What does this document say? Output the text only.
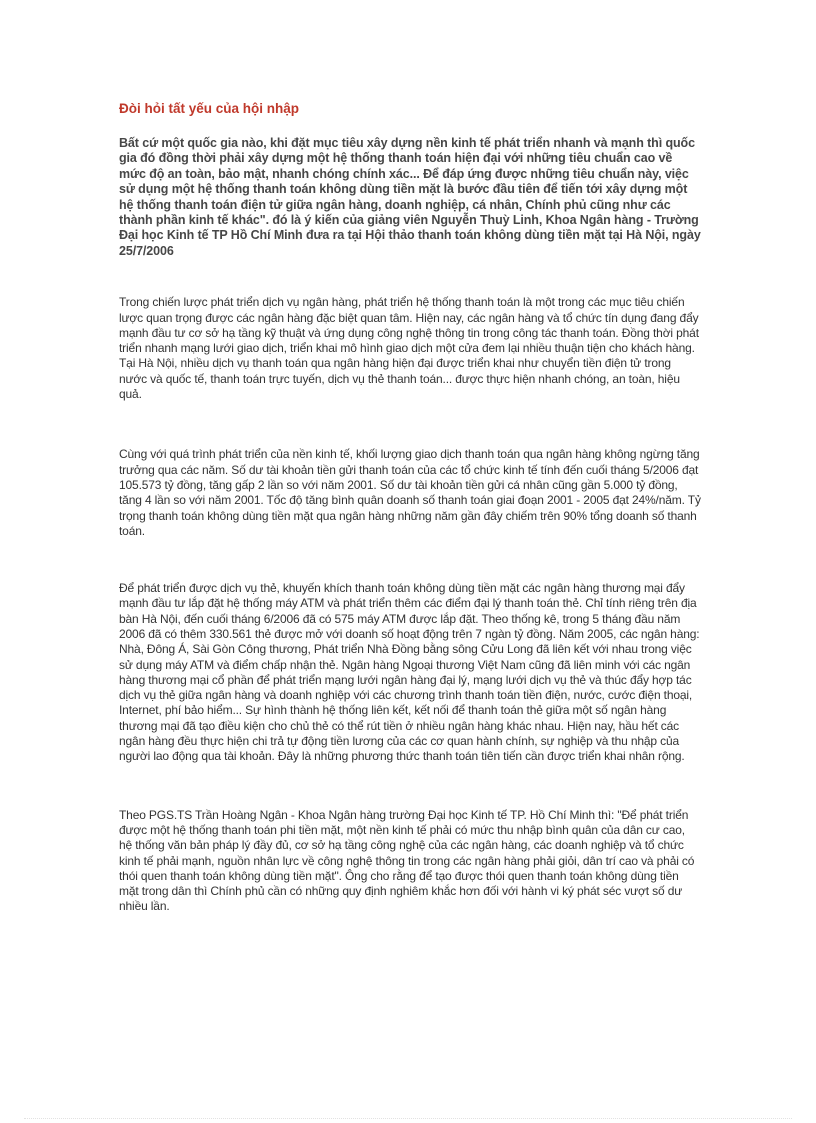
Đòi hỏi tất yếu của hội nhập

Bất cứ một quốc gia nào, khi đặt mục tiêu xây dựng nền kinh tế phát triển nhanh và mạnh thì quốc gia đó đồng thời phải xây dựng một hệ thống thanh toán hiện đại với những tiêu chuẩn cao về mức độ an toàn, bảo mật, nhanh chóng chính xác... Để đáp ứng được những tiêu chuẩn này, việc sử dụng một hệ thống thanh toán không dùng tiền mặt là bước đầu tiên để tiến tới xây dựng một hệ thống thanh toán điện tử giữa ngân hàng, doanh nghiệp, cá nhân, Chính phủ cũng như các thành phần kinh tế khác". đó là ý kiến của giảng viên Nguyễn Thuỳ Linh, Khoa Ngân hàng - Trường Đại học Kinh tế TP Hồ Chí Minh đưa ra tại Hội thảo thanh toán không dùng tiền mặt tại Hà Nội, ngày 25/7/2006

Trong chiến lược phát triển dịch vụ ngân hàng, phát triển hệ thống thanh toán là một trong các mục tiêu chiến lược quan trọng được các ngân hàng đặc biệt quan tâm. Hiện nay, các ngân hàng và tổ chức tín dụng đang đẩy mạnh đầu tư cơ sở hạ tầng kỹ thuật và ứng dụng công nghệ thông tin trong công tác thanh toán. Đồng thời phát triển nhanh mạng lưới giao dịch, triển khai mô hình giao dịch một cửa đem lại nhiều thuận tiện cho khách hàng. Tại Hà Nội, nhiều dịch vụ thanh toán qua ngân hàng hiện đại được triển khai như chuyển tiền điện tử trong nước và quốc tế, thanh toán trực tuyến, dịch vụ thẻ thanh toán... được thực hiện nhanh chóng, an toàn, hiệu quả.

Cùng với quá trình phát triển của nền kinh tế, khối lượng giao dịch thanh toán qua ngân hàng không ngừng tăng trưởng qua các năm. Số dư tài khoản tiền gửi thanh toán của các tổ chức kinh tế tính đến cuối tháng 5/2006 đạt 105.573 tỷ đồng, tăng gấp 2 lần so với năm 2001. Số dư tài khoản tiền gửi cá nhân cũng gần 5.000 tỷ đồng, tăng 4 lần so với năm 2001. Tốc độ tăng bình quân doanh số thanh toán giai đoạn 2001 - 2005 đạt 24%/năm. Tỷ trọng thanh toán không dùng tiền mặt qua ngân hàng những năm gần đây chiếm trên 90% tổng doanh số thanh toán.

Để phát triển được dịch vụ thẻ, khuyến khích thanh toán không dùng tiền mặt các ngân hàng thương mại đẩy mạnh đầu tư lắp đặt hệ thống máy ATM và phát triển thêm các điểm đại lý thanh toán thẻ. Chỉ tính riêng trên địa bàn Hà Nội, đến cuối tháng 6/2006 đã có 575 máy ATM được lắp đặt. Theo thống kê, trong 5 tháng đầu năm 2006 đã có thêm 330.561 thẻ được mở với doanh số hoạt động trên 7 ngàn tỷ đồng. Năm 2005, các ngân hàng: Nhà, Đông Á, Sài Gòn Công thương, Phát triển Nhà Đồng bằng sông Cửu Long đã liên kết với nhau trong việc sử dụng máy ATM và điểm chấp nhận thẻ. Ngân hàng Ngoại thương Việt Nam cũng đã liên minh với các ngân hàng thương mại cổ phần để phát triển mạng lưới ngân hàng đại lý, mạng lưới dịch vụ thẻ và thúc đẩy hợp tác dịch vụ thẻ giữa ngân hàng và doanh nghiệp với các chương trình thanh toán tiền điện, nước, cước điện thoại, Internet, phí bảo hiểm... Sự hình thành hệ thống liên kết, kết nối để thanh toán thẻ giữa một số ngân hàng thương mại đã tạo điều kiện cho chủ thẻ có thể rút tiền ở nhiều ngân hàng khác nhau. Hiện nay, hầu hết các ngân hàng đều thực hiện chi trả tự động tiền lương của các cơ quan hành chính, sự nghiệp và thu nhập của người lao động qua tài khoản. Đây là những phương thức thanh toán tiên tiến cần được triển khai nhân rộng.

Theo PGS.TS Trần Hoàng Ngân - Khoa Ngân hàng trường Đại học Kinh tế TP. Hồ Chí Minh thì: "Để phát triển được một hệ thống thanh toán phi tiền mặt, một nền kinh tế phải có mức thu nhập bình quân của dân cư cao, hệ thống văn bản pháp lý đầy đủ, cơ sở hạ tầng công nghệ của các ngân hàng, các doanh nghiệp và tổ chức kinh tế phải mạnh, nguồn nhân lực về công nghệ thông tin trong các ngân hàng phải giỏi, dân trí cao và phải có thói quen thanh toán không dùng tiền mặt". Ông cho rằng để tạo được thói quen thanh toán không dùng tiền mặt trong dân thì Chính phủ cần có những quy định nghiêm khắc hơn đối với hành vi ký phát séc vượt số dư nhiều lần.
